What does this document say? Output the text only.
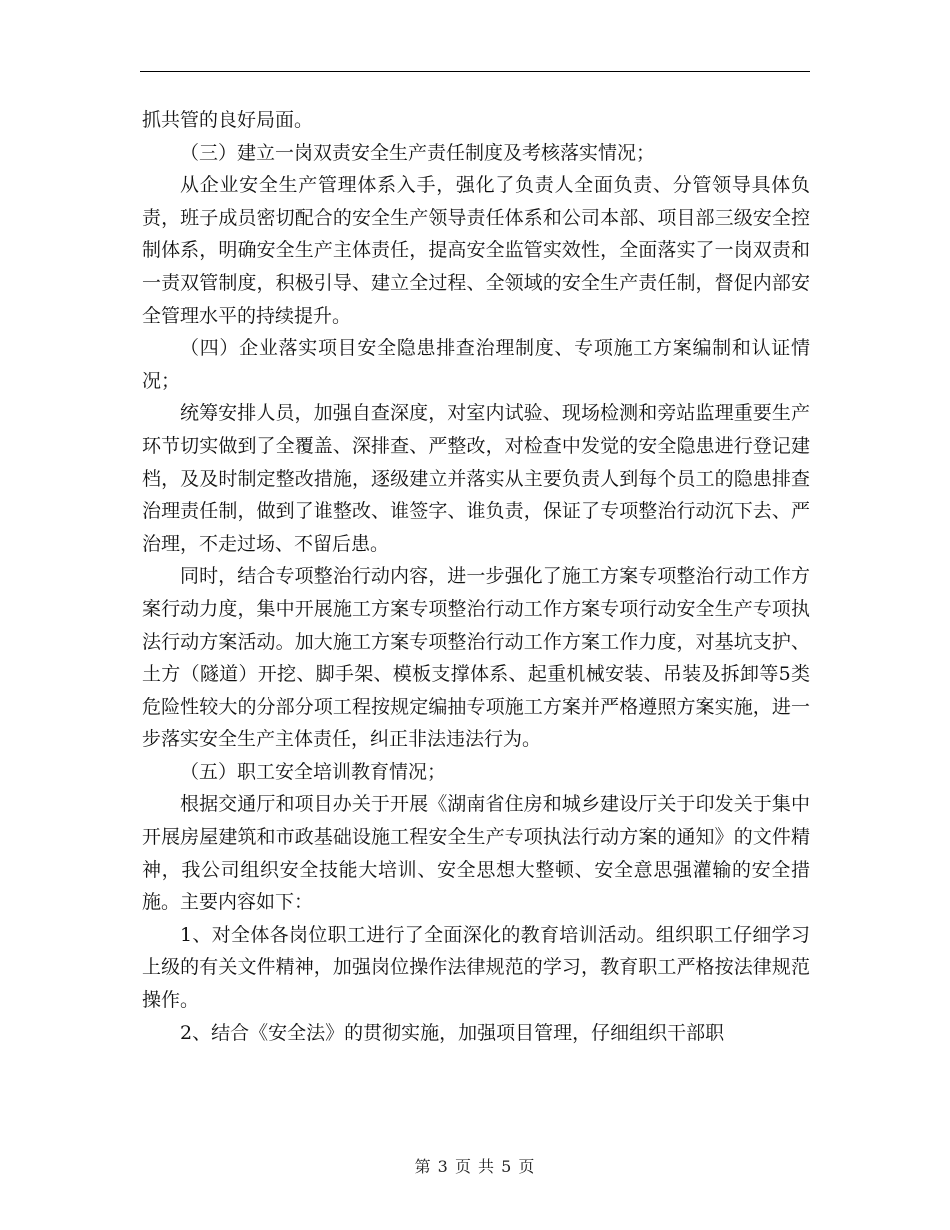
抓共管的良好局面。

（三）建立一岗双责安全生产责任制度及考核落实情况；

从企业安全生产管理体系入手，强化了负责人全面负责、分管领导具体负责，班子成员密切配合的安全生产领导责任体系和公司本部、项目部三级安全控制体系，明确安全生产主体责任，提高安全监管实效性，全面落实了一岗双责和一责双管制度，积极引导、建立全过程、全领域的安全生产责任制，督促内部安全管理水平的持续提升。

（四）企业落实项目安全隐患排查治理制度、专项施工方案编制和认证情况；

统筹安排人员，加强自查深度，对室内试验、现场检测和旁站监理重要生产环节切实做到了全覆盖、深排查、严整改，对检查中发觉的安全隐患进行登记建档，及及时制定整改措施，逐级建立并落实从主要负责人到每个员工的隐患排查治理责任制，做到了谁整改、谁签字、谁负责，保证了专项整治行动沉下去、严治理，不走过场、不留后患。

同时，结合专项整治行动内容，进一步强化了施工方案专项整治行动工作方案行动力度，集中开展施工方案专项整治行动工作方案专项行动安全生产专项执法行动方案活动。加大施工方案专项整治行动工作方案工作力度，对基坑支护、土方（隧道）开挖、脚手架、模板支撑体系、起重机械安装、吊装及拆卸等5类危险性较大的分部分项工程按规定编抽专项施工方案并严格遵照方案实施，进一步落实安全生产主体责任，纠正非法违法行为。

（五）职工安全培训教育情况；

根据交通厅和项目办关于开展《湖南省住房和城乡建设厅关于印发关于集中开展房屋建筑和市政基础设施工程安全生产专项执法行动方案的通知》的文件精神，我公司组织安全技能大培训、安全思想大整顿、安全意思强灌输的安全措施。主要内容如下：

1、对全体各岗位职工进行了全面深化的教育培训活动。组织职工仔细学习上级的有关文件精神，加强岗位操作法律规范的学习，教育职工严格按法律规范操作。

2、结合《安全法》的贯彻实施，加强项目管理，仔细组织干部职

第 3 页 共 5 页
